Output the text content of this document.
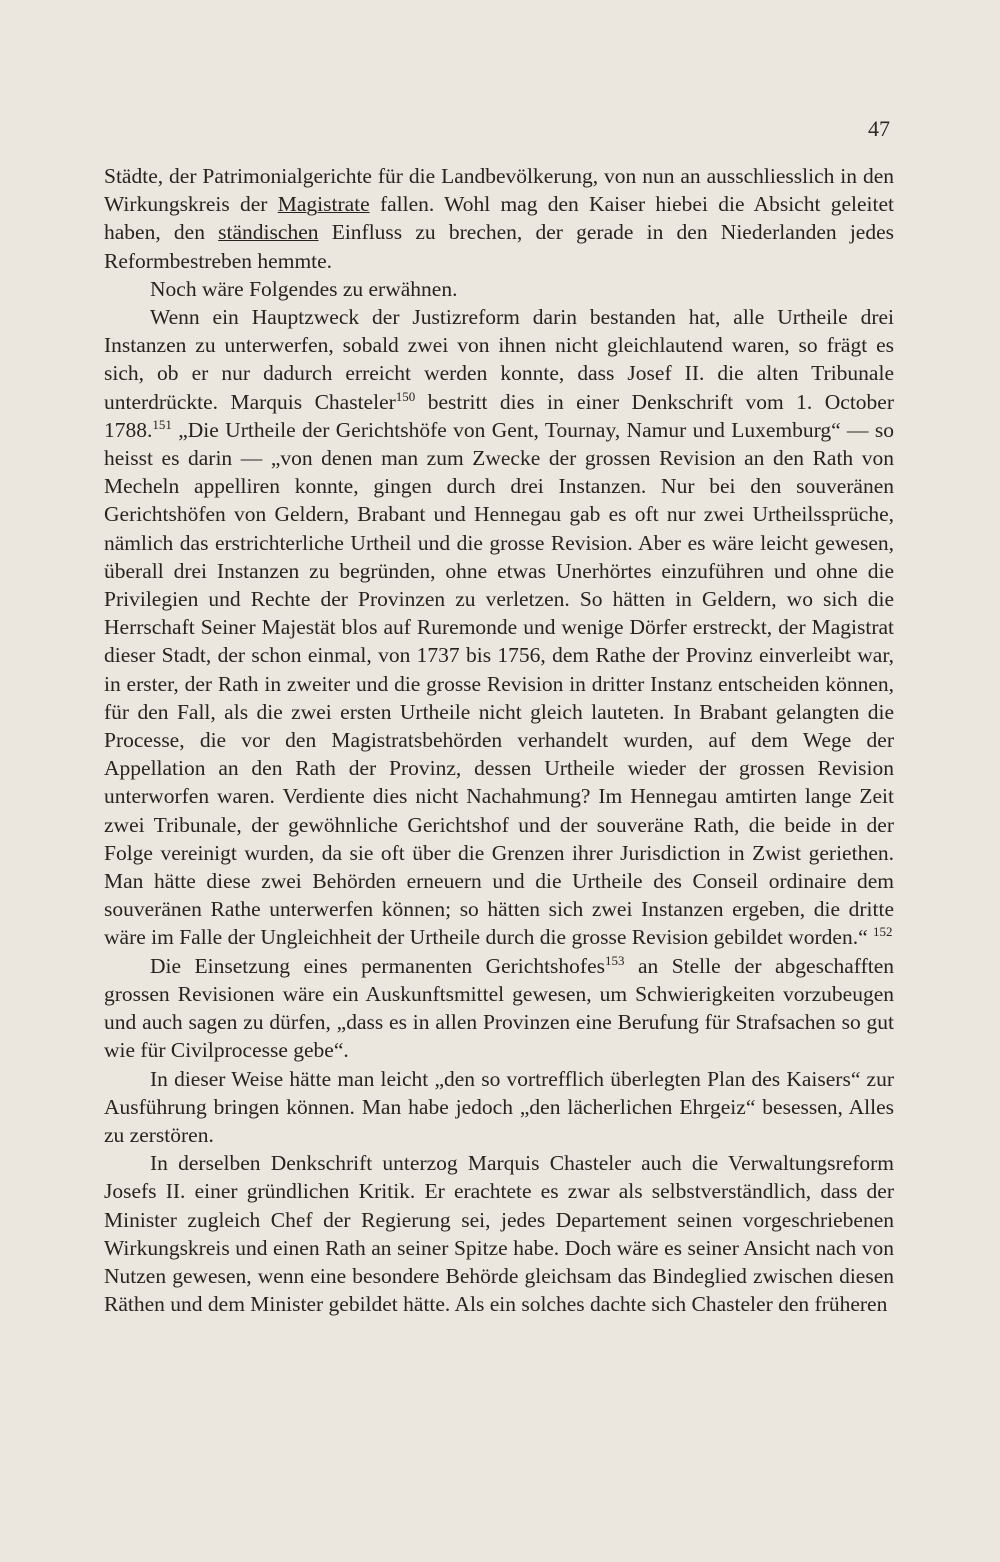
47

Städte, der Patrimonialgerichte für die Landbevölkerung, von nun an ausschliesslich in den Wirkungskreis der Magistrate fallen. Wohl mag den Kaiser hiebei die Absicht geleitet haben, den ständischen Einfluss zu brechen, der gerade in den Niederlanden jedes Reformbestreben hemmte.

Noch wäre Folgendes zu erwähnen.

Wenn ein Hauptzweck der Justizreform darin bestanden hat, alle Urtheile drei Instanzen zu unterwerfen, sobald zwei von ihnen nicht gleichlautend waren, so frägt es sich, ob er nur dadurch erreicht werden konnte, dass Josef II. die alten Tribunale unterdrückte. Marquis Chasteler$^{150}$ bestritt dies in einer Denkschrift vom 1. October 1788.$^{151}$ „Die Urtheile der Gerichtshöfe von Gent, Tournay, Namur und Luxemburg“ — so heisst es darin — „von denen man zum Zwecke der grossen Revision an den Rath von Mecheln appelliren konnte, gingen durch drei Instanzen. Nur bei den souveränen Gerichtshöfen von Geldern, Brabant und Hennegau gab es oft nur zwei Urtheilssprüche, nämlich das erstrichterliche Urtheil und die grosse Revision. Aber es wäre leicht gewesen, überall drei Instanzen zu begründen, ohne etwas Unerhörtes einzuführen und ohne die Privilegien und Rechte der Provinzen zu verletzen. So hätten in Geldern, wo sich die Herrschaft Seiner Majestät blos auf Ruremonde und wenige Dörfer erstreckt, der Magistrat dieser Stadt, der schon einmal, von 1737 bis 1756, dem Rathe der Provinz einverleibt war, in erster, der Rath in zweiter und die grosse Revision in dritter Instanz entscheiden können, für den Fall, als die zwei ersten Urtheile nicht gleich lauteten. In Brabant gelangten die Processe, die vor den Magistratsbehörden verhandelt wurden, auf dem Wege der Appellation an den Rath der Provinz, dessen Urtheile wieder der grossen Revision unterworfen waren. Verdiente dies nicht Nachahmung? Im Hennegau amtirten lange Zeit zwei Tribunale, der gewöhnliche Gerichtshof und der souveräne Rath, die beide in der Folge vereinigt wurden, da sie oft über die Grenzen ihrer Jurisdiction in Zwist geriethen. Man hätte diese zwei Behörden erneuern und die Urtheile des Conseil ordinaire dem souveränen Rathe unterwerfen können; so hätten sich zwei Instanzen ergeben, die dritte wäre im Falle der Ungleichheit der Urtheile durch die grosse Revision gebildet worden.“ $^{152}$

Die Einsetzung eines permanenten Gerichtshofes$^{153}$ an Stelle der abgeschafften grossen Revisionen wäre ein Auskunftsmittel gewesen, um Schwierigkeiten vorzubeugen und auch sagen zu dürfen, „dass es in allen Provinzen eine Berufung für Strafsachen so gut wie für Civilprocesse gebe“.

In dieser Weise hätte man leicht „den so vortrefflich überlegten Plan des Kaisers“ zur Ausführung bringen können. Man habe jedoch „den lächerlichen Ehrgeiz“ besessen, Alles zu zerstören.

In derselben Denkschrift unterzog Marquis Chasteler auch die Verwaltungsreform Josefs II. einer gründlichen Kritik. Er erachtete es zwar als selbstverständlich, dass der Minister zugleich Chef der Regierung sei, jedes Departement seinen vorgeschriebenen Wirkungskreis und einen Rath an seiner Spitze habe. Doch wäre es seiner Ansicht nach von Nutzen gewesen, wenn eine besondere Behörde gleichsam das Bindeglied zwischen diesen Räthen und dem Minister gebildet hätte. Als ein solches dachte sich Chasteler den früheren
